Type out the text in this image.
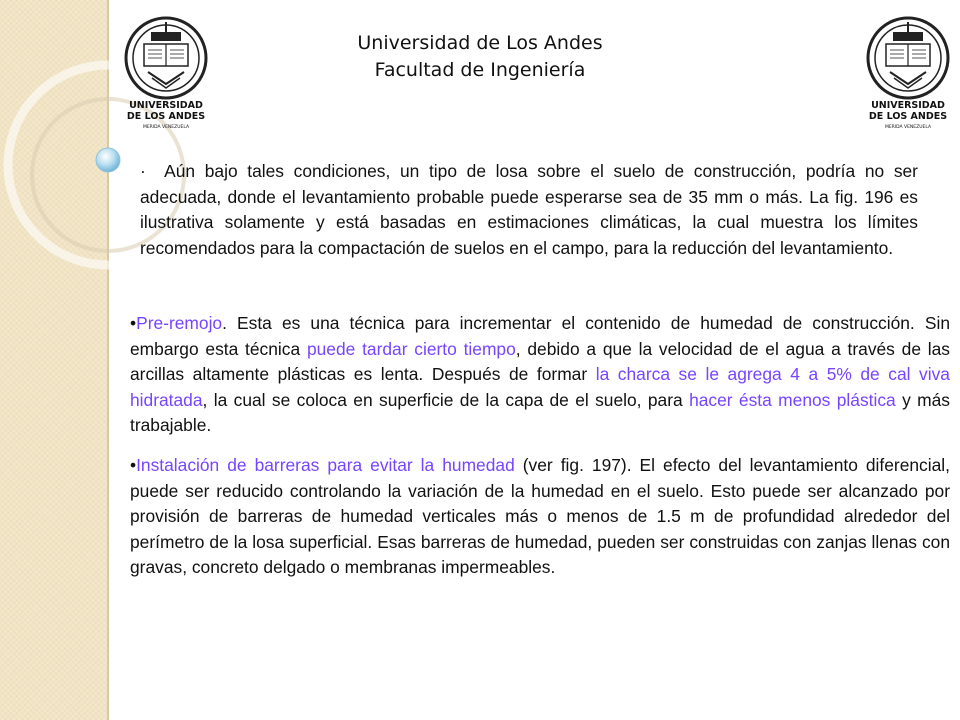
UNIVERSIDAD
DE LOS ANDES
MERIDA VENEZUELA
UNIVERSIDAD
DE LOS ANDES
MERIDA VENEZUELA
Universidad de Los Andes
Facultad de Ingeniería

· Aún bajo tales condiciones, un tipo de losa sobre el suelo de construcción, podría no ser adecuada, donde el levantamiento probable puede esperarse sea de 35 mm o más. La fig. 196 es ilustrativa solamente y está basadas en estimaciones climáticas, la cual muestra los límites recomendados para la compactación de suelos en el campo, para la reducción del levantamiento.

•Pre-remojo. Esta es una técnica para incrementar el contenido de humedad de construcción. Sin embargo esta técnica puede tardar cierto tiempo, debido a que la velocidad de el agua a través de las arcillas altamente plásticas es lenta. Después de formar la charca se le agrega 4 a 5% de cal viva hidratada, la cual se coloca en superficie de la capa de el suelo, para hacer ésta menos plástica y más trabajable.

•Instalación de barreras para evitar la humedad (ver fig. 197). El efecto del levantamiento diferencial, puede ser reducido controlando la variación de la humedad en el suelo. Esto puede ser alcanzado por provisión de barreras de humedad verticales más o menos de 1.5 m de profundidad alrededor del perímetro de la losa superficial. Esas barreras de humedad, pueden ser construidas con zanjas llenas con gravas, concreto delgado o membranas impermeables.
